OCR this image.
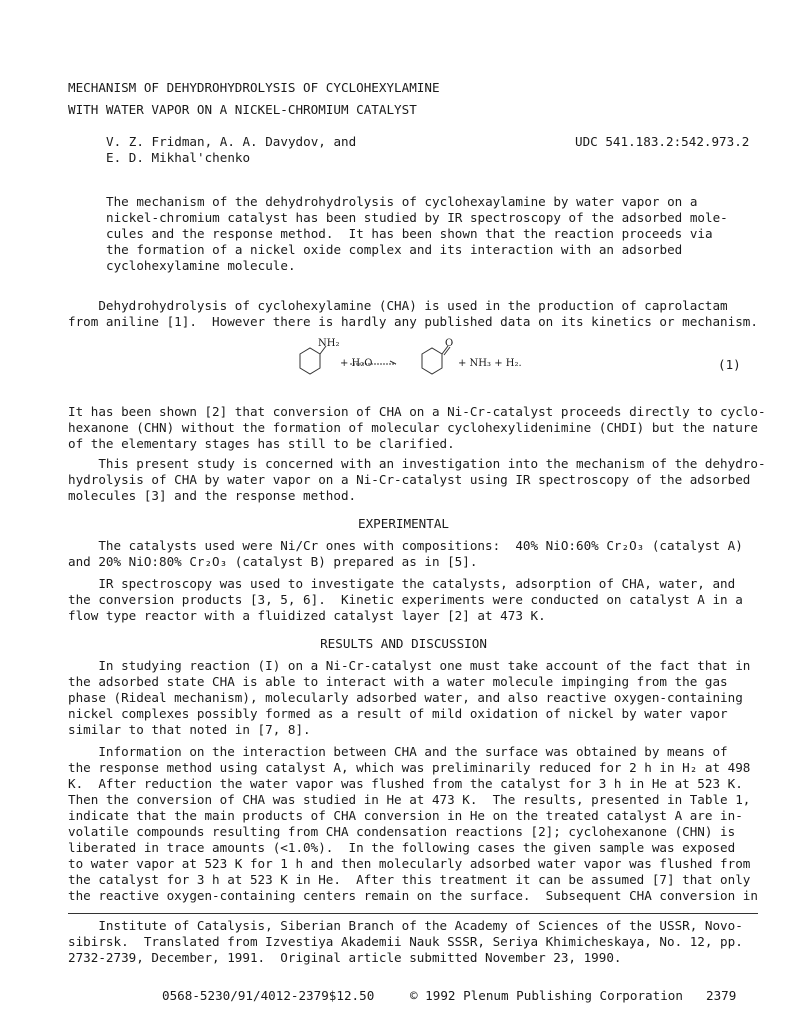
MECHANISM OF DEHYDROHYDROLYSIS OF CYCLOHEXYLAMINE

WITH WATER VAPOR ON A NICKEL-CHROMIUM CATALYST

V. Z. Fridman, A. A. Davydov, and

E. D. Mikhal'chenko

UDC 541.183.2:542.973.2

The mechanism of the dehydrohydrolysis of cyclohexaylamine by water vapor on a

nickel-chromium catalyst has been studied by IR spectroscopy of the adsorbed mole-

cules and the response method.  It has been shown that the reaction proceeds via

the formation of a nickel oxide complex and its interaction with an adsorbed

cyclohexylamine molecule.

Dehydrohydrolysis of cyclohexylamine (CHA) is used in the production of caprolactam

from aniline [1].  However there is hardly any published data on its kinetics or mechanism.

NH₂
+ H₂O
O
+ NH₃ + H₂.	(1)

It has been shown [2] that conversion of CHA on a Ni-Cr-catalyst proceeds directly to cyclo-

hexanone (CHN) without the formation of molecular cyclohexylidenimine (CHDI) but the nature

of the elementary stages has still to be clarified.

This present study is concerned with an investigation into the mechanism of the dehydro-

hydrolysis of CHA by water vapor on a Ni-Cr-catalyst using IR spectroscopy of the adsorbed

molecules [3] and the response method.

EXPERIMENTAL

The catalysts used were Ni/Cr ones with compositions:  40% NiO:60% Cr₂O₃ (catalyst A)

and 20% NiO:80% Cr₂O₃ (catalyst B) prepared as in [5].

IR spectroscopy was used to investigate the catalysts, adsorption of CHA, water, and

the conversion products [3, 5, 6].  Kinetic experiments were conducted on catalyst A in a

flow type reactor with a fluidized catalyst layer [2] at 473 K.

RESULTS AND DISCUSSION

In studying reaction (I) on a Ni-Cr-catalyst one must take account of the fact that in

the adsorbed state CHA is able to interact with a water molecule impinging from the gas

phase (Rideal mechanism), molecularly adsorbed water, and also reactive oxygen-containing

nickel complexes possibly formed as a result of mild oxidation of nickel by water vapor

similar to that noted in [7, 8].

Information on the interaction between CHA and the surface was obtained by means of

the response method using catalyst A, which was preliminarily reduced for 2 h in H₂ at 498

K.  After reduction the water vapor was flushed from the catalyst for 3 h in He at 523 K.

Then the conversion of CHA was studied in He at 473 K.  The results, presented in Table 1,

indicate that the main products of CHA conversion in He on the treated catalyst A are in-

volatile compounds resulting from CHA condensation reactions [2]; cyclohexanone (CHN) is

liberated in trace amounts (<1.0%).  In the following cases the given sample was exposed

to water vapor at 523 K for 1 h and then molecularly adsorbed water vapor was flushed from

the catalyst for 3 h at 523 K in He.  After this treatment it can be assumed [7] that only

the reactive oxygen-containing centers remain on the surface.  Subsequent CHA conversion in

Institute of Catalysis, Siberian Branch of the Academy of Sciences of the USSR, Novo-

sibirsk.  Translated from Izvestiya Akademii Nauk SSSR, Seriya Khimicheskaya, No. 12, pp.

2732-2739, December, 1991.  Original article submitted November 23, 1990.

0568-5230/91/4012-2379$12.50	© 1992 Plenum Publishing Corporation 2379
